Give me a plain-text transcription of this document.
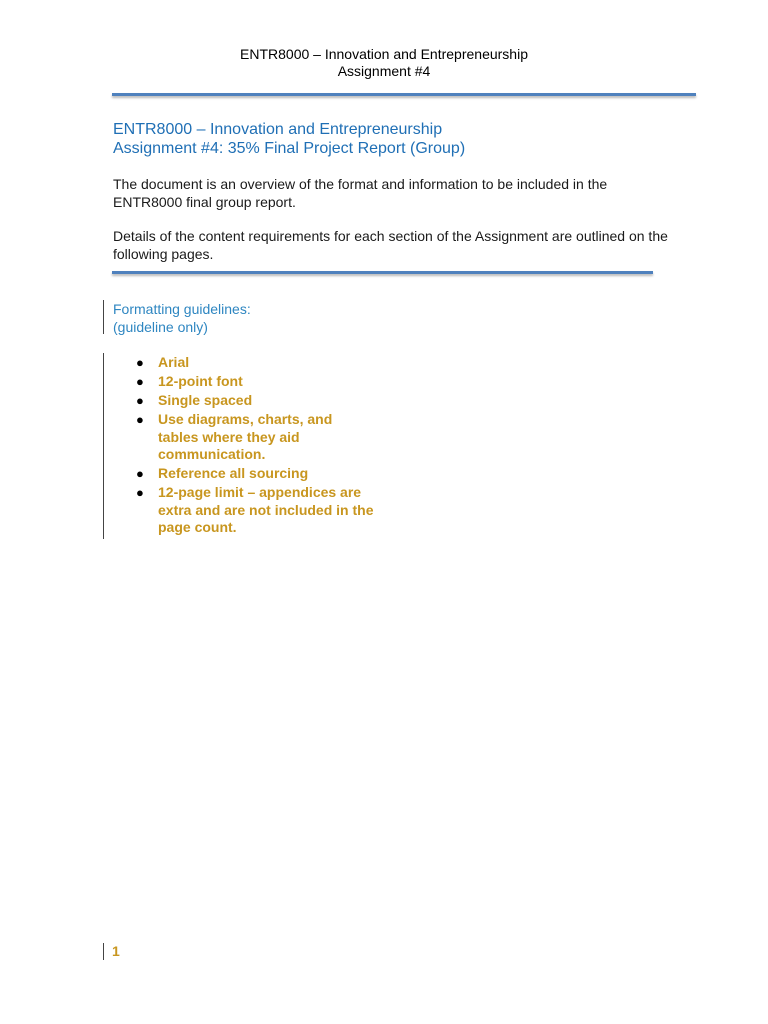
ENTR8000 – Innovation and Entrepreneurship
Assignment #4
ENTR8000 – Innovation and Entrepreneurship
Assignment #4: 35% Final Project Report (Group)

The document is an overview of the format and information to be included in the ENTR8000 final group report.

Details of the content requirements for each section of the Assignment are outlined on the following pages.

Formatting guidelines:
(guideline only)
● Arial
● 12-point font
● Single spaced
● Use diagrams, charts, and tables where they aid communication.
● Reference all sourcing
● 12-page limit – appendices are extra and are not included in the page count.
1
